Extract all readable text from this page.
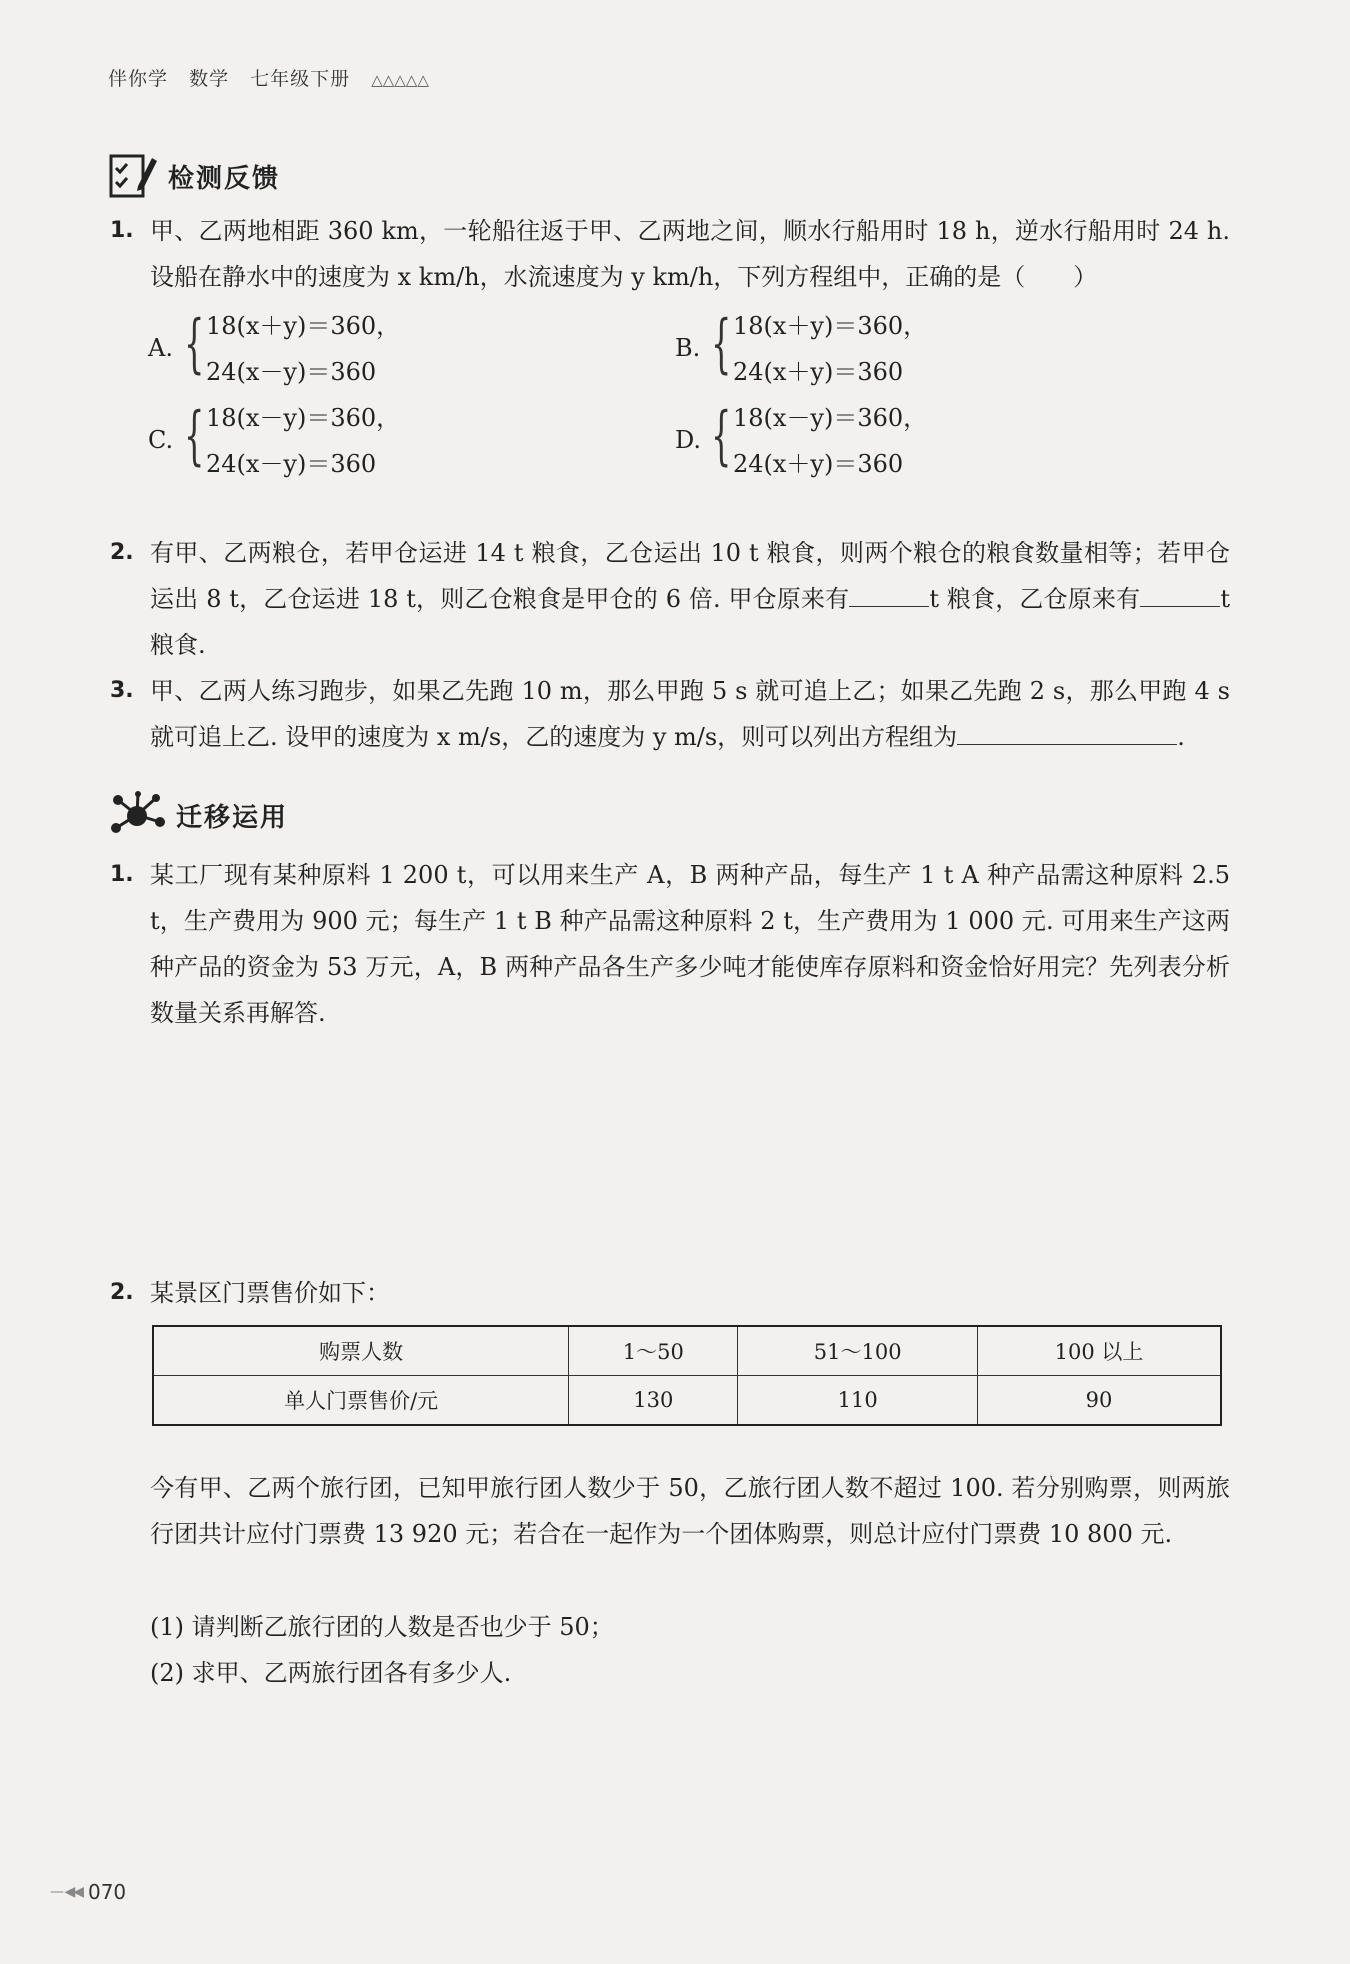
伴你学 数学 七年级下册 △△△△△
检测反馈
1. 甲、乙两地相距 360 km，一轮船往返于甲、乙两地之间，顺水行船用时 18 h，逆水行船用时 24 h. 设船在静水中的速度为 x km/h，水流速度为 y km/h，下列方程组中，正确的是（　　）
A. { 18(x＋y)＝360，
24(x－y)＝360
B. { 18(x＋y)＝360，
24(x＋y)＝360
C. { 18(x－y)＝360，
24(x－y)＝360
D. { 18(x－y)＝360，
24(x＋y)＝360
2. 有甲、乙两粮仓，若甲仓运进 14 t 粮食，乙仓运出 10 t 粮食，则两个粮仓的粮食数量相等；若甲仓运出 8 t，乙仓运进 18 t，则乙仓粮食是甲仓的 6 倍. 甲仓原来有	t 粮食，乙仓原来有	t 粮食.
3. 甲、乙两人练习跑步，如果乙先跑 10 m，那么甲跑 5 s 就可追上乙；如果乙先跑 2 s，那么甲跑 4 s 就可追上乙. 设甲的速度为 x m/s，乙的速度为 y m/s，则可以列出方程组为	.
迁移运用
1. 某工厂现有某种原料 1 200 t，可以用来生产 A，B 两种产品，每生产 1 t A 种产品需这种原料 2.5 t，生产费用为 900 元；每生产 1 t B 种产品需这种原料 2 t，生产费用为 1 000 元. 可用来生产这两种产品的资金为 53 万元，A，B 两种产品各生产多少吨才能使库存原料和资金恰好用完？先列表分析数量关系再解答.
2. 某景区门票售价如下：
购票人数	1～50	51～100	100 以上
单人门票售价/元	130	110	90
今有甲、乙两个旅行团，已知甲旅行团人数少于 50，乙旅行团人数不超过 100. 若分别购票，则两旅行团共计应付门票费 13 920 元；若合在一起作为一个团体购票，则总计应付门票费 10 800 元.
(1) 请判断乙旅行团的人数是否也少于 50；
(2) 求甲、乙两旅行团各有多少人.
— ◀◀ 070
